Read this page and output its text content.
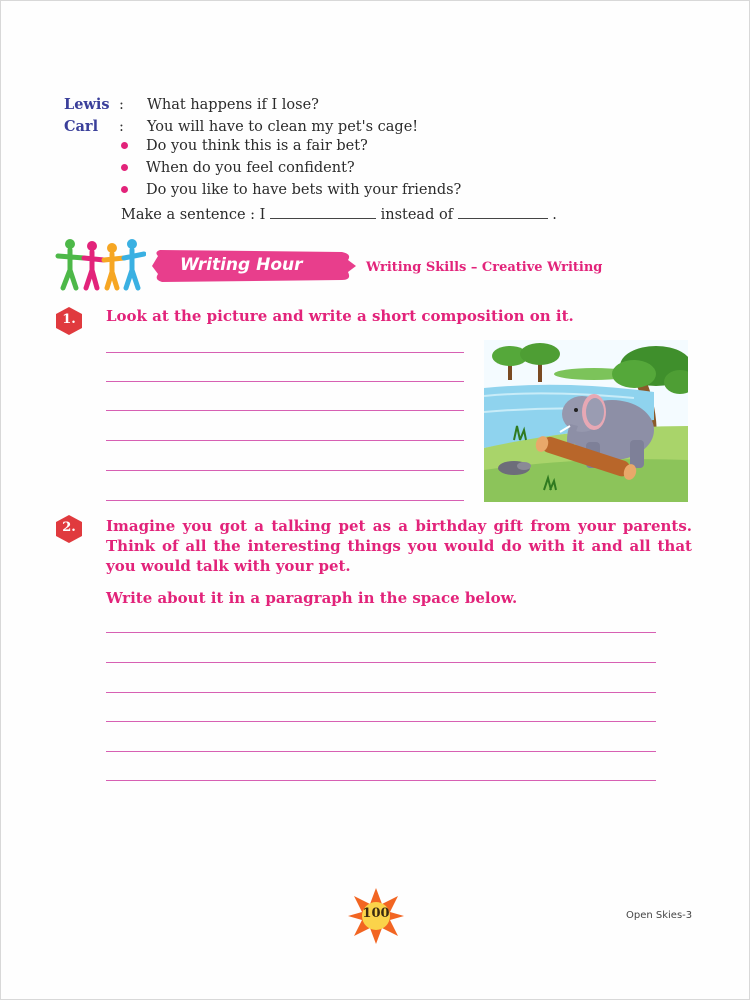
Lewis : What happens if I lose?
Carl	: You will have to clean my pet's cage!
Do you think this is a fair bet?
When do you feel confident?
Do you like to have bets with your friends?
Make a sentence : I	instead of	.
Writing Hour	Writing Skills – Creative Writing
1.	Look at the picture and write a short composition on it.
2.	Imagine you got a talking pet as a birthday gift from your parents. Think of all the interesting things you would do with it and all that you would talk with your pet.
Write about it in a paragraph in the space below.
100	Open Skies-3
